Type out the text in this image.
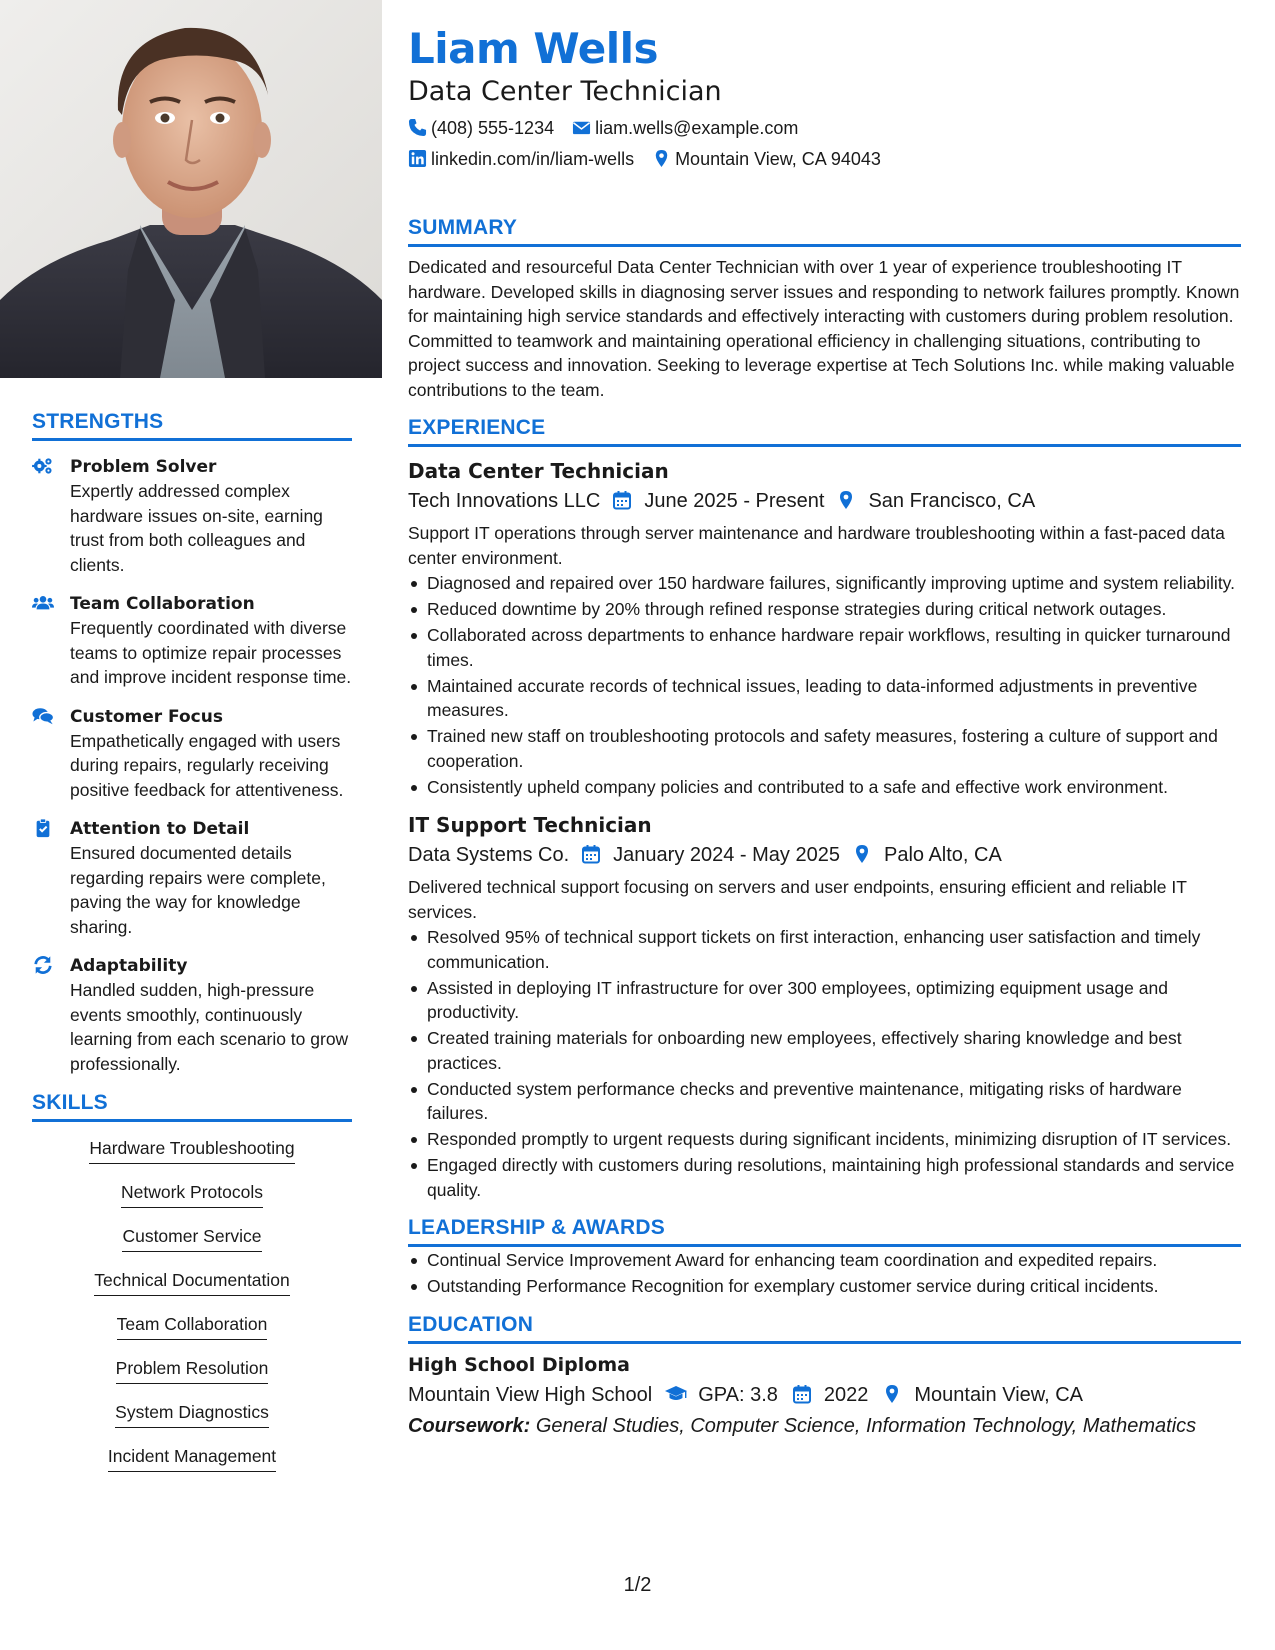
STRENGTHS
Problem Solver
Expertly addressed complex hardware issues on-site, earning trust from both colleagues and clients.
Team Collaboration
Frequently coordinated with diverse teams to optimize repair processes and improve incident response time.
Customer Focus
Empathetically engaged with users during repairs, regularly receiving positive feedback for attentiveness.
Attention to Detail
Ensured documented details regarding repairs were complete, paving the way for knowledge sharing.
Adaptability
Handled sudden, high-pressure events smoothly, continuously learning from each scenario to grow professionally.
SKILLS
Hardware Troubleshooting
Network Protocols
Customer Service
Technical Documentation
Team Collaboration
Problem Resolution
System Diagnostics
Incident Management
Liam Wells
Data Center Technician
(408) 555-1234 liam.wells@example.com
linkedin.com/in/liam-wells Mountain View, CA 94043
SUMMARY
Dedicated and resourceful Data Center Technician with over 1 year of experience troubleshooting IT hardware. Developed skills in diagnosing server issues and responding to network failures promptly. Known for maintaining high service standards and effectively interacting with customers during problem resolution. Committed to teamwork and maintaining operational efficiency in challenging situations, contributing to project success and innovation. Seeking to leverage expertise at Tech Solutions Inc. while making valuable contributions to the team.
EXPERIENCE
Data Center Technician
Tech Innovations LLC June 2025 - Present San Francisco, CA
Support IT operations through server maintenance and hardware troubleshooting within a fast-paced data center environment.
Diagnosed and repaired over 150 hardware failures, significantly improving uptime and system reliability.
Reduced downtime by 20% through refined response strategies during critical network outages.
Collaborated across departments to enhance hardware repair workflows, resulting in quicker turnaround times.
Maintained accurate records of technical issues, leading to data-informed adjustments in preventive measures.
Trained new staff on troubleshooting protocols and safety measures, fostering a culture of support and cooperation.
Consistently upheld company policies and contributed to a safe and effective work environment.
IT Support Technician
Data Systems Co. January 2024 - May 2025 Palo Alto, CA
Delivered technical support focusing on servers and user endpoints, ensuring efficient and reliable IT services.
Resolved 95% of technical support tickets on first interaction, enhancing user satisfaction and timely communication.
Assisted in deploying IT infrastructure for over 300 employees, optimizing equipment usage and productivity.
Created training materials for onboarding new employees, effectively sharing knowledge and best practices.
Conducted system performance checks and preventive maintenance, mitigating risks of hardware failures.
Responded promptly to urgent requests during significant incidents, minimizing disruption of IT services.
Engaged directly with customers during resolutions, maintaining high professional standards and service quality.
LEADERSHIP & AWARDS
Continual Service Improvement Award for enhancing team coordination and expedited repairs.
Outstanding Performance Recognition for exemplary customer service during critical incidents.
EDUCATION
High School Diploma
Mountain View High School GPA: 3.8 2022 Mountain View, CA
Coursework: General Studies, Computer Science, Information Technology, Mathematics
1/2
